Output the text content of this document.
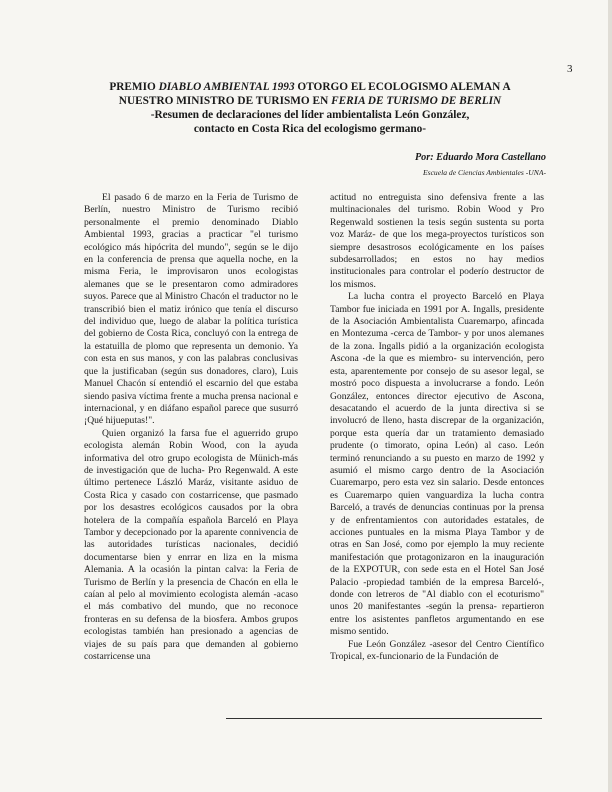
3
PREMIO DIABLO AMBIENTAL 1993 OTORGO EL ECOLOGISMO ALEMAN A
NUESTRO MINISTRO DE TURISMO EN FERIA DE TURISMO DE BERLIN
-Resumen de declaraciones del líder ambientalista León González,
contacto en Costa Rica del ecologismo germano-
Por: Eduardo Mora Castellano
Escuela de Ciencias Ambientales -UNA-

El pasado 6 de marzo en la Feria de Turismo de Berlín, nuestro Ministro de Turismo recibió personalmente el premio denominado Diablo Ambiental 1993, gracias a practicar "el turismo ecológico más hipócrita del mundo", según se le dijo en la conferencia de prensa que aquella noche, en la misma Feria, le improvisaron unos ecologistas alemanes que se le presentaron como admiradores suyos. Parece que al Ministro Chacón el traductor no le transcribió bien el matiz irónico que tenía el discurso del individuo que, luego de alabar la política turística del gobierno de Costa Rica, concluyó con la entrega de la estatuilla de plomo que representa un demonio. Ya con esta en sus manos, y con las palabras conclusivas que la justificaban (según sus donadores, claro), Luis Manuel Chacón sí entendió el escarnio del que estaba siendo pasiva víctima frente a mucha prensa nacional e internacional, y en diáfano español parece que susurró ¡Qué hijueputas!".

Quien organizó la farsa fue el aguerrido grupo ecologista alemán Robin Wood, con la ayuda informativa del otro grupo ecologista de Münich-más de investigación que de lucha- Pro Regenwald. A este último pertenece László Maráz, visitante asiduo de Costa Rica y casado con costarricense, que pasmado por los desastres ecológicos causados por la obra hotelera de la compañía española Barceló en Playa Tambor y decepcionado por la aparente connivencia de las autoridades turísticas nacionales, decidió documentarse bien y enrrar en liza en la misma Alemania. A la ocasión la pintan calva: la Feria de Turismo de Berlín y la presencia de Chacón en ella le caían al pelo al movimiento ecologista alemán -acaso el más combativo del mundo, que no reconoce fronteras en su defensa de la biosfera. Ambos grupos ecologistas también han presionado a agencias de viajes de su país para que demanden al gobierno costarricense una

actitud no entreguista sino defensiva frente a las multinacionales del turismo. Robin Wood y Pro Regenwald sostienen la tesis según sustenta su porta voz Maráz- de que los mega-proyectos turísticos son siempre desastrosos ecológicamente en los países subdesarrollados; en estos no hay medios institucionales para controlar el poderío destructor de los mismos.

La lucha contra el proyecto Barceló en Playa Tambor fue iniciada en 1991 por A. Ingalls, presidente de la Asociación Ambientalista Cuaremarpo, afincada en Montezuma -cerca de Tambor- y por unos alemanes de la zona. Ingalls pidió a la organización ecologista Ascona -de la que es miembro- su intervención, pero esta, aparentemente por consejo de su asesor legal, se mostró poco dispuesta a involucrarse a fondo. León González, entonces director ejecutivo de Ascona, desacatando el acuerdo de la junta directiva si se involucró de lleno, hasta discrepar de la organización, porque esta quería dar un tratamiento demasiado prudente (o timorato, opina León) al caso. León terminó renunciando a su puesto en marzo de 1992 y asumió el mismo cargo dentro de la Asociación Cuaremarpo, pero esta vez sin salario. Desde entonces es Cuaremarpo quien vanguardiza la lucha contra Barceló, a través de denuncias continuas por la prensa y de enfrentamientos con autoridades estatales, de acciones puntuales en la misma Playa Tambor y de otras en San José, como por ejemplo la muy reciente manifestación que protagonizaron en la inauguración de la EXPOTUR, con sede esta en el Hotel San José Palacio -propiedad también de la empresa Barceló-, donde con letreros de "Al diablo con el ecoturismo" unos 20 manifestantes -según la prensa- repartieron entre los asistentes panfletos argumentando en ese mismo sentido.

Fue León González -asesor del Centro Científico Tropical, ex-funcionario de la Fundación de
